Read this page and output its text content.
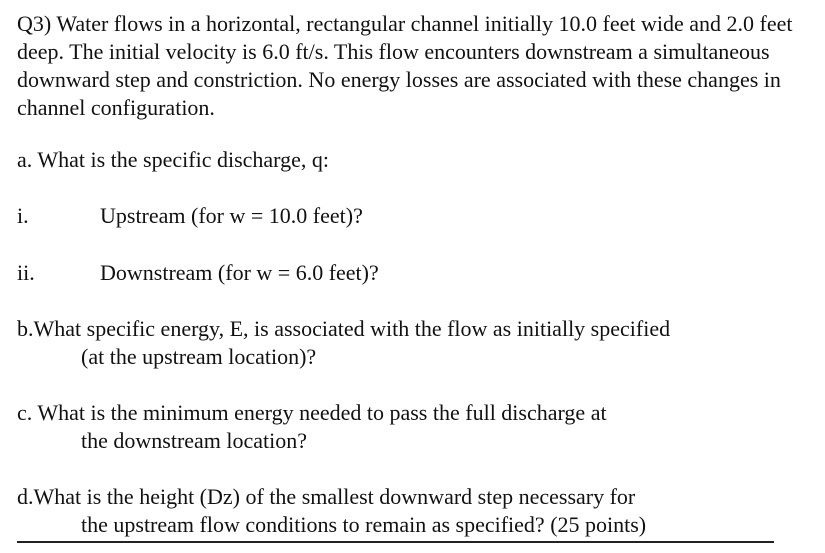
Q3) Water flows in a horizontal, rectangular channel initially 10.0 feet wide and 2.0 feet deep. The initial velocity is 6.0 ft/s. This flow encounters downstream a simultaneous downward step and constriction. No energy losses are associated with these changes in channel configuration.

a. What is the specific discharge, q:

i.	Upstream (for w = 10.0 feet)?

ii.	Downstream (for w = 6.0 feet)?

b.What specific energy, E, is associated with the flow as initially specified

(at the upstream location)?

c. What is the minimum energy needed to pass the full discharge at

the downstream location?

d.What is the height (Dz) of the smallest downward step necessary for

the upstream flow conditions to remain as specified? (25 points)
